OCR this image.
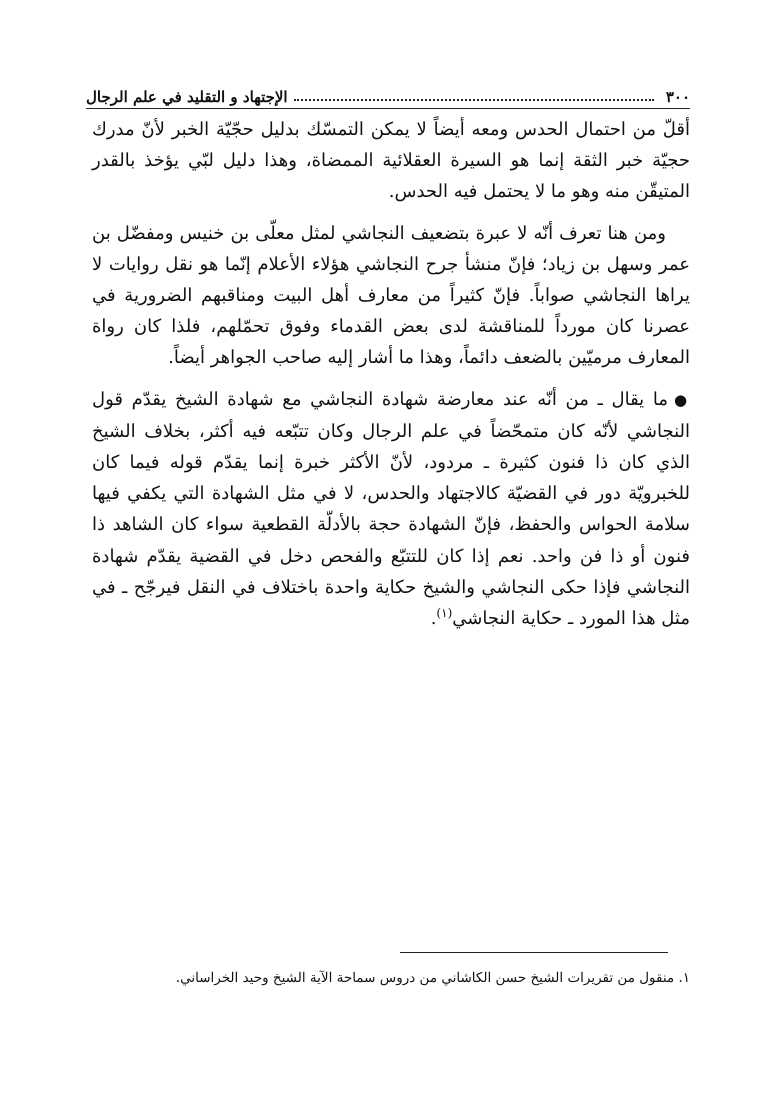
٣٠٠
الإجتهاد و التقليد في علم الرجال

أقلّ من احتمال الحدس ومعه أيضاً لا يمكن التمسّك بدليل حجّيّة الخبر لأنّ مدرك حجيّة خبر الثقة إنما هو السيرة العقلائية الممضاة، وهذا دليل لبّي يؤخذ بالقدر المتيقّن منه وهو ما لا يحتمل فيه الحدس.

ومن هنا تعرف أنّه لا عبرة بتضعيف النجاشي لمثل معلّى بن خنيس ومفضّل بن عمر وسهل بن زياد؛ فإنّ منشأ جرح النجاشي هؤلاء الأعلام إنّما هو نقل روايات لا يراها النجاشي صواباً. فإنّ كثيراً من معارف أهل البيت ومناقبهم الضرورية في عصرنا كان مورداً للمناقشة لدى بعض القدماء وفوق تحمّلهم، فلذا كان رواة المعارف مرميّين بالضعف دائماً، وهذا ما أشار إليه صاحب الجواهر أيضاً.

●ما يقال ـ من أنّه عند معارضة شهادة النجاشي مع شهادة الشيخ يقدّم قول النجاشي لأنّه كان متمحّضاً في علم الرجال وكان تتبّعه فيه أكثر، بخلاف الشيخ الذي كان ذا فنون كثيرة ـ مردود، لأنّ الأكثر خبرة إنما يقدّم قوله فيما كان للخبرويّة دور في القضيّة كالاجتهاد والحدس، لا في مثل الشهادة التي يكفي فيها سلامة الحواس والحفظ، فإنّ الشهادة حجة بالأدلّة القطعية سواء كان الشاهد ذا فنون أو ذا فن واحد. نعم إذا كان للتتبّع والفحص دخل في القضية يقدّم شهادة النجاشي فإذا حكى النجاشي والشيخ حكاية واحدة باختلاف في النقل فيرجّح ـ في مثل هذا المورد ـ حكاية النجاشي$^{(١)}$.

١. منقول من تقريرات الشيخ حسن الكاشاني من دروس سماحة الآية الشيخ وحيد الخراساني.
